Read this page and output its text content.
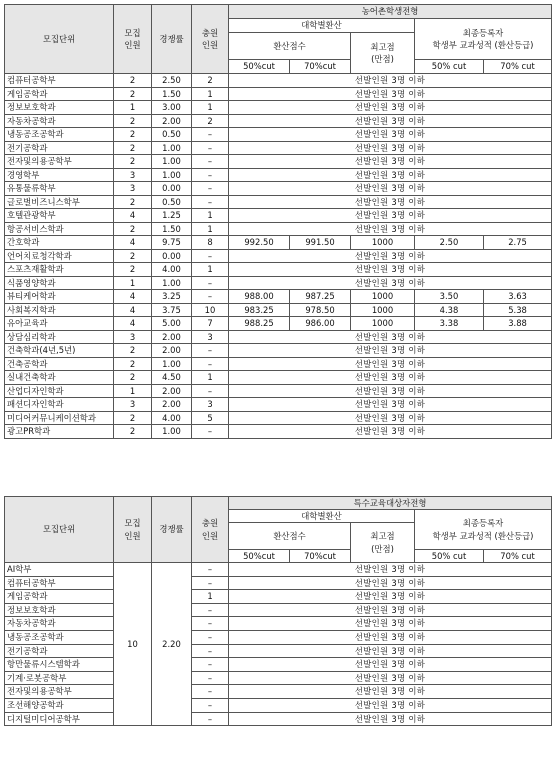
모집단위	모집
인원	경쟁률	충원
인원	농어촌학생전형				
				대학별환산			최종등록자
학생부 교과성적 (환산등급)	
				환산점수		최고점
(만점)		
				50%cut	70%cut		50% cut	70% cut
컴퓨터공학부	2	2.50	2	선발인원 3명 이하				
게임공학과	2	1.50	1	선발인원 3명 이하				
정보보호학과	1	3.00	1	선발인원 3명 이하				
자동차공학과	2	2.00	2	선발인원 3명 이하				
냉동공조공학과	2	0.50	–	선발인원 3명 이하				
전기공학과	2	1.00	–	선발인원 3명 이하				
전자및의용공학부	2	1.00	–	선발인원 3명 이하				
경영학부	3	1.00	–	선발인원 3명 이하				
유통물류학부	3	0.00	–	선발인원 3명 이하				
글로벌비즈니스학부	2	0.50	–	선발인원 3명 이하				
호텔관광학부	4	1.25	1	선발인원 3명 이하				
항공서비스학과	2	1.50	1	선발인원 3명 이하				
간호학과	4	9.75	8	992.50	991.50	1000	2.50	2.75
언어치료청각학과	2	0.00	–	선발인원 3명 이하				
스포츠재활학과	2	4.00	1	선발인원 3명 이하				
식품영양학과	1	1.00	–	선발인원 3명 이하				
뷰티케어학과	4	3.25	–	988.00	987.25	1000	3.50	3.63
사회복지학과	4	3.75	10	983.25	978.50	1000	4.38	5.38
유아교육과	4	5.00	7	988.25	986.00	1000	3.38	3.88
상담심리학과	3	2.00	3	선발인원 3명 이하				
건축학과(4년,5년)	2	2.00	–	선발인원 3명 이하				
건축공학과	2	1.00	–	선발인원 3명 이하				
실내건축학과	2	4.50	1	선발인원 3명 이하				
산업디자인학과	1	2.00	–	선발인원 3명 이하				
패션디자인학과	3	2.00	3	선발인원 3명 이하				
미디어커뮤니케이션학과	2	4.00	5	선발인원 3명 이하				
광고PR학과	2	1.00	–	선발인원 3명 이하				
모집단위	모집
인원	경쟁률	충원
인원	특수교육대상자전형				
				대학별환산			최종등록자
학생부 교과성적 (환산등급)	
				환산점수		최고점
(만점)		
				50%cut	70%cut		50% cut	70% cut
AI학부	10	2.20	–	선발인원 3명 이하				
컴퓨터공학부			–	선발인원 3명 이하				
게임공학과			1	선발인원 3명 이하				
정보보호학과			–	선발인원 3명 이하				
자동차공학과			–	선발인원 3명 이하				
냉동공조공학과			–	선발인원 3명 이하				
전기공학과			–	선발인원 3명 이하				
항만물류시스템학과			–	선발인원 3명 이하				
기계·로봇공학부			–	선발인원 3명 이하				
전자및의용공학부			–	선발인원 3명 이하				
조선해양공학과			–	선발인원 3명 이하				
디지털미디어공학부			–	선발인원 3명 이하				
